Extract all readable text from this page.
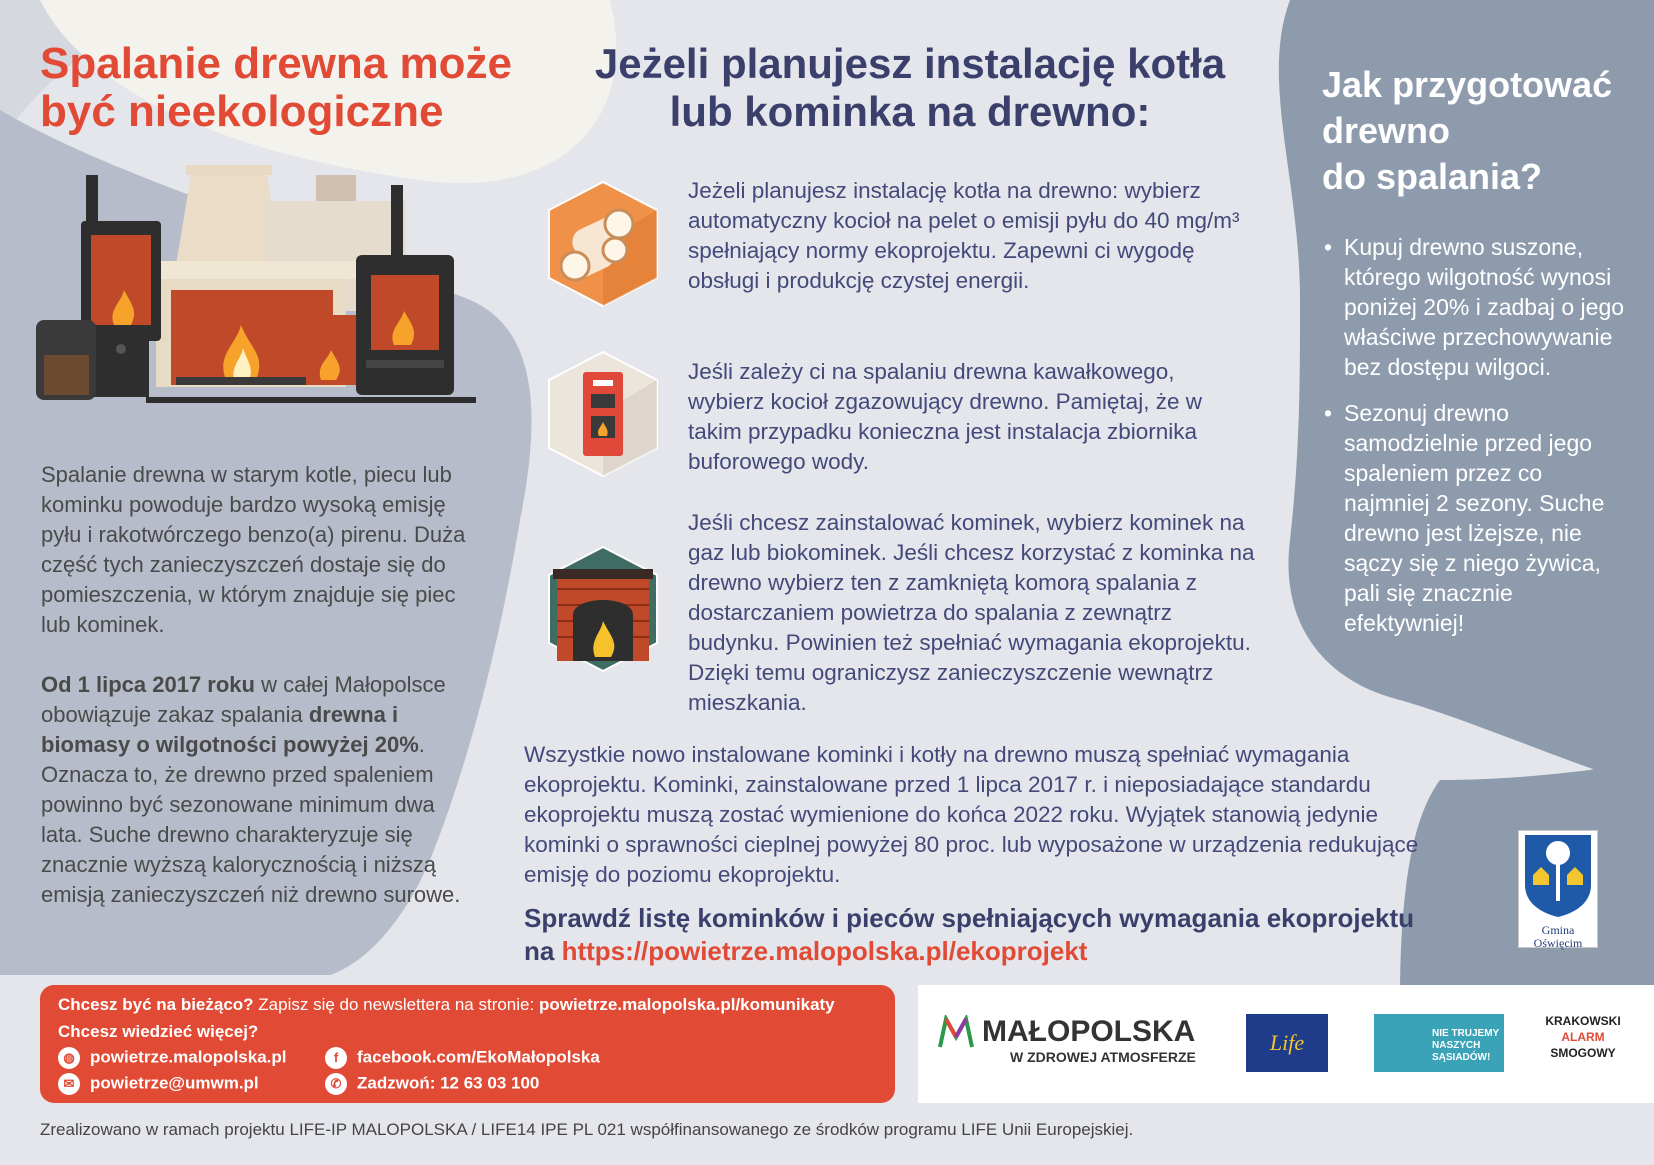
Spalanie drewna może
być nieekologiczne
Jeżeli planujesz instalację kotła
lub kominka na drewno:
Jak przygotować
drewno
do spalania?

Spalanie drewna w starym kotle, piecu lub kominku powoduje bardzo wysoką emisję pyłu i rakotwórczego benzo(a) pirenu. Duża część tych zanieczyszczeń dostaje się do pomieszczenia, w którym znajduje się piec lub kominek.

Od 1 lipca 2017 roku w całej Małopolsce obowiązuje zakaz spalania drewna i biomasy o wilgotności powyżej 20%. Oznacza to, że drewno przed spaleniem powinno być sezonowane minimum dwa lata. Suche drewno charakteryzuje się znacznie wyższą kalorycznością i niższą emisją zanieczyszczeń niż drewno surowe.

Jeżeli planujesz instalację kotła na drewno: wybierz automatyczny kocioł na pelet o emisji pyłu do 40 mg/m³ spełniający normy ekoprojektu. Zapewni ci wygodę obsługi i produkcję czystej energii.
Jeśli zależy ci na spalaniu drewna kawałkowego, wybierz kocioł zgazowujący drewno. Pamiętaj, że w takim przypadku konieczna jest instalacja zbiornika buforowego wody.
Jeśli chcesz zainstalować kominek, wybierz kominek na gaz lub biokominek. Jeśli chcesz korzystać z kominka na drewno wybierz ten z zamkniętą komorą spalania z dostarczaniem powietrza do spalania z zewnątrz budynku. Powinien też spełniać wymagania ekoprojektu. Dzięki temu ograniczysz zanieczyszczenie wewnątrz mieszkania.
Wszystkie nowo instalowane kominki i kotły na drewno muszą spełniać wymagania ekoprojektu. Kominki, zainstalowane przed 1 lipca 2017 r. i nieposiadające standardu ekoprojektu muszą zostać wymienione do końca 2022 roku. Wyjątek stanowią jedynie kominki o sprawności cieplnej powyżej 80 proc. lub wyposażone w urządzenia redukujące emisję do poziomu ekoprojektu.
Sprawdź listę kominków i pieców spełniających wymagania ekoprojektu
na https://powietrze.malopolska.pl/ekoprojekt
• Kupuj drewno suszone, którego wilgotność wynosi poniżej 20% i zadbaj o jego właściwe przechowywanie bez dostępu wilgoci.
• Sezonuj drewno samodzielnie przed jego spaleniem przez co najmniej 2 sezony. Suche drewno jest lżejsze, nie sączy się z niego żywica, pali się znacznie efektywniej!
Gmina
Oświęcim
Chcesz być na bieżąco? Zapisz się do newslettera na stronie: powietrze.malopolska.pl/komunikaty
Chcesz wiedzieć więcej?
◍ powietrze.malopolska.pl	f facebook.com/EkoMałopolska
✉ powietrze@umwm.pl	✆ Zadzwoń: 12 63 03 100
MAŁOPOLSKA
W ZDROWEJ ATMOSFERZE
Life	NIE TRUJEMY
NASZYCH
SĄSIADÓW!
KRAKOWSKI
ALARM
SMOGOWY
Zrealizowano w ramach projektu LIFE-IP MALOPOLSKA / LIFE14 IPE PL 021 współfinansowanego ze środków programu LIFE Unii Europejskiej.
